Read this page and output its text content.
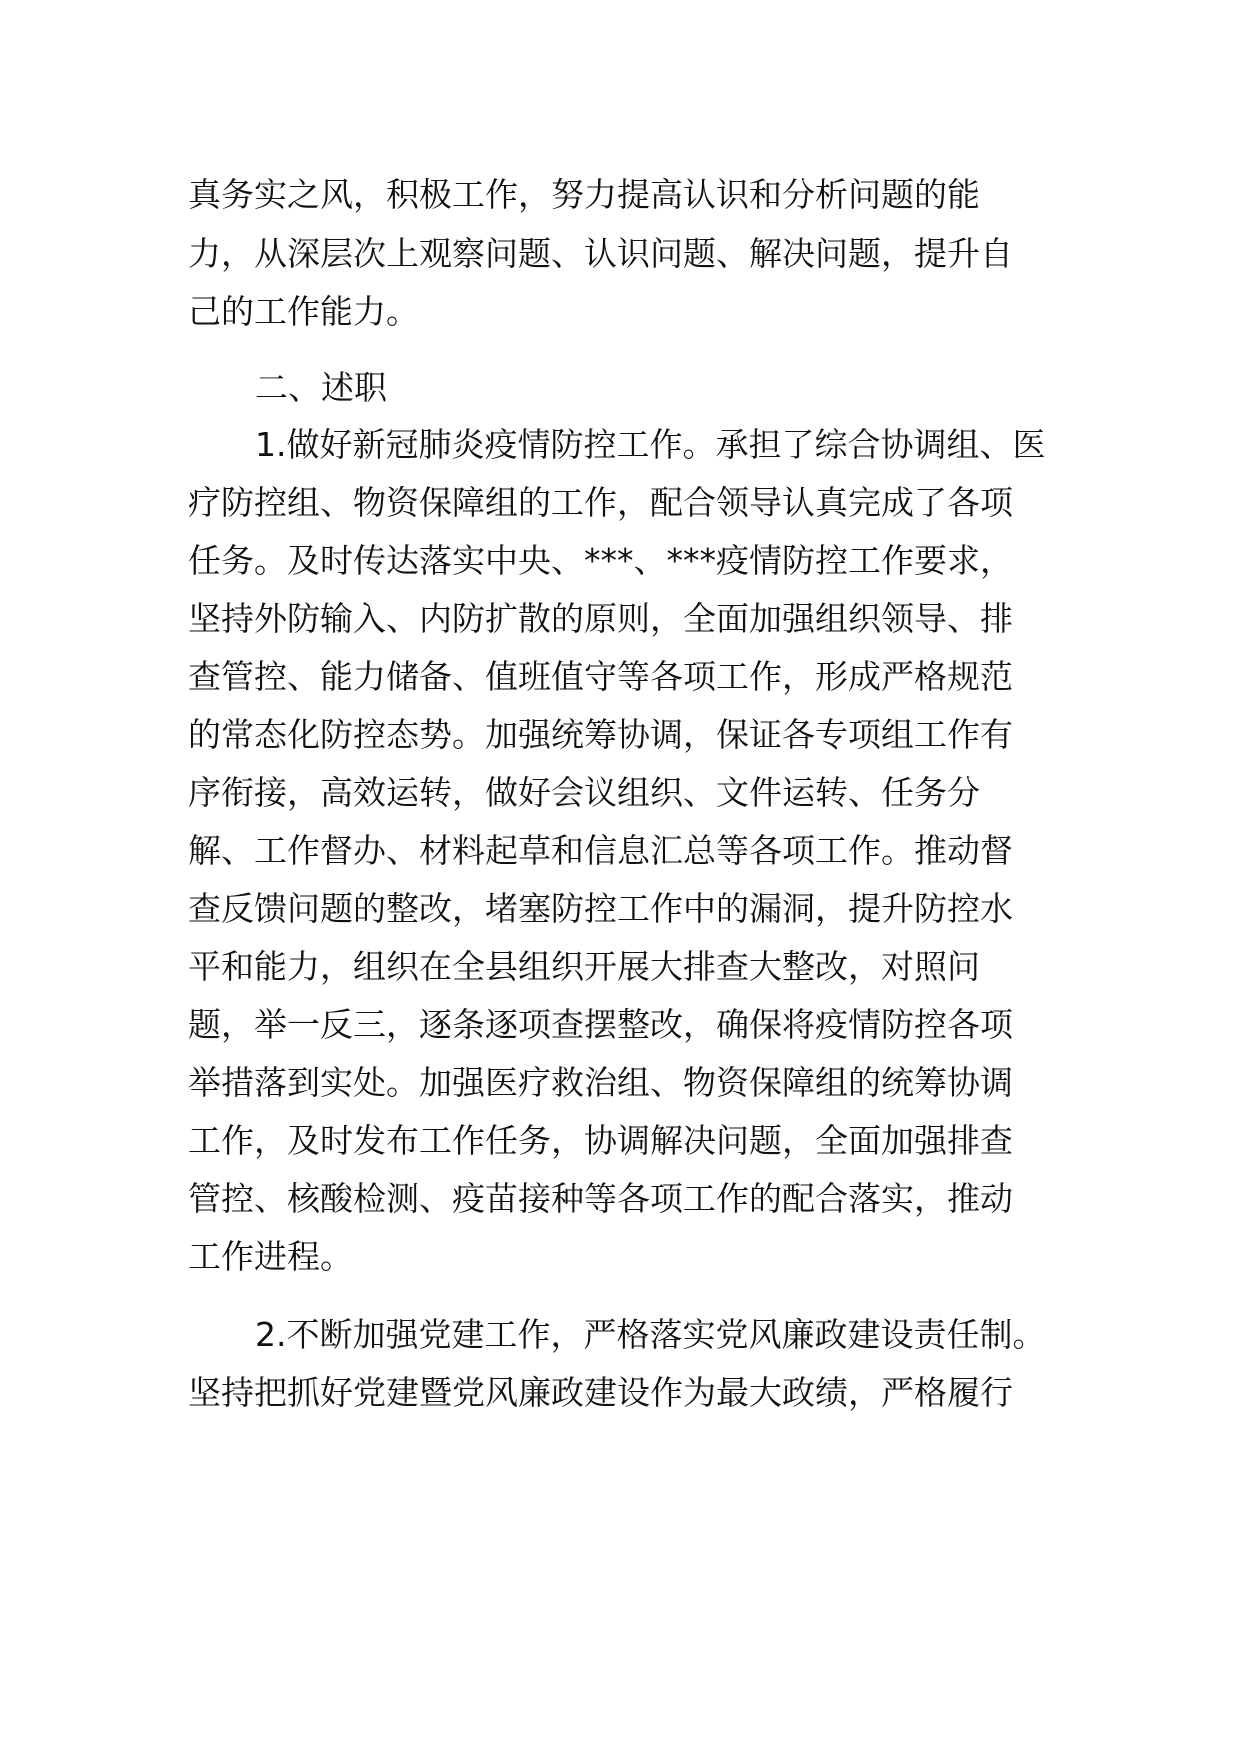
真务实之风，积极工作，努力提高认识和分析问题的能
力，从深层次上观察问题、认识问题、解决问题，提升自
己的工作能力。
二、述职
1.做好新冠肺炎疫情防控工作。承担了综合协调组、医
疗防控组、物资保障组的工作，配合领导认真完成了各项
任务。及时传达落实中央、***、***疫情防控工作要求，
坚持外防输入、内防扩散的原则，全面加强组织领导、排
查管控、能力储备、值班值守等各项工作，形成严格规范
的常态化防控态势。加强统筹协调，保证各专项组工作有
序衔接，高效运转，做好会议组织、文件运转、任务分
解、工作督办、材料起草和信息汇总等各项工作。推动督
查反馈问题的整改，堵塞防控工作中的漏洞，提升防控水
平和能力，组织在全县组织开展大排查大整改，对照问
题，举一反三，逐条逐项查摆整改，确保将疫情防控各项
举措落到实处。加强医疗救治组、物资保障组的统筹协调
工作，及时发布工作任务，协调解决问题，全面加强排查
管控、核酸检测、疫苗接种等各项工作的配合落实，推动
工作进程。
2.不断加强党建工作，严格落实党风廉政建设责任制。
坚持把抓好党建暨党风廉政建设作为最大政绩，严格履行
